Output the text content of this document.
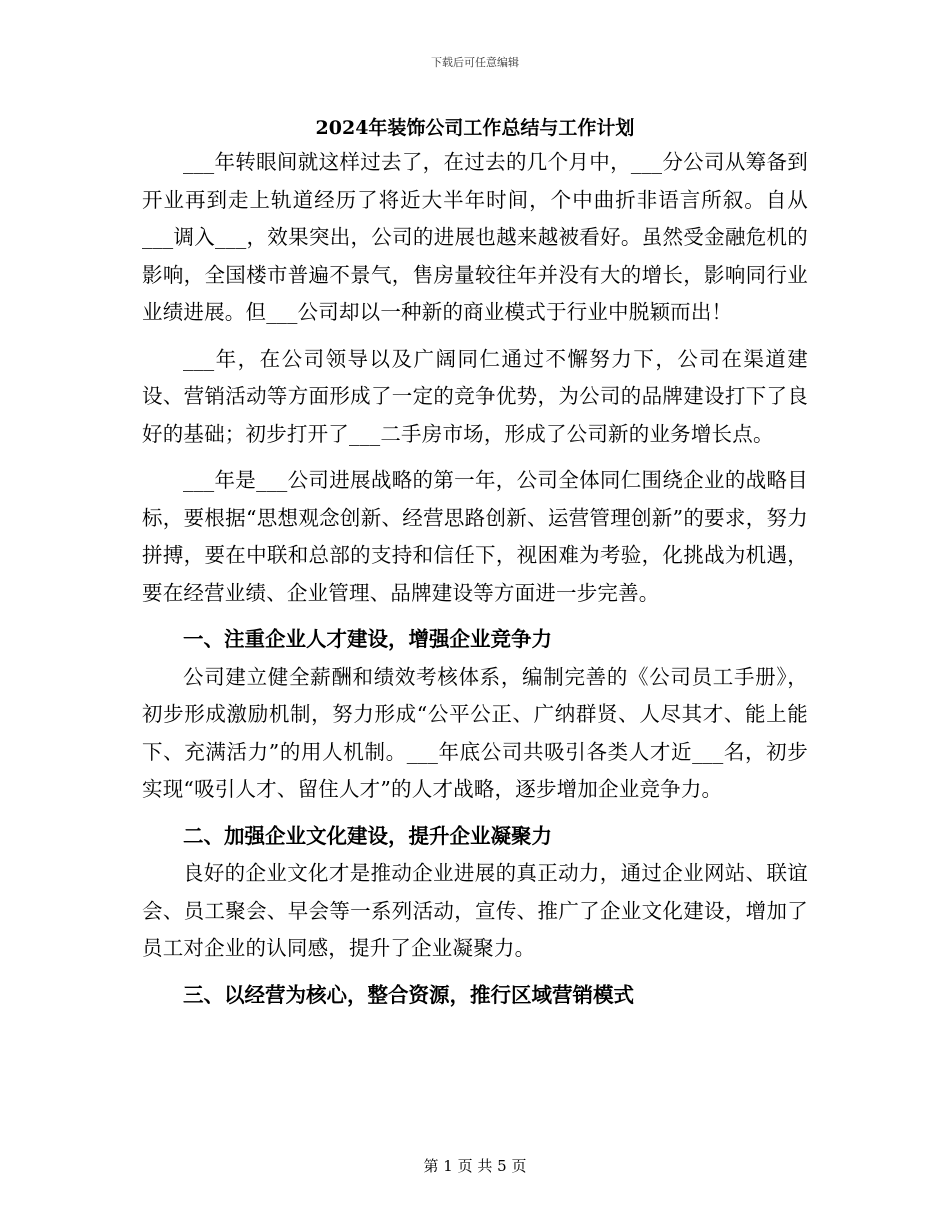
下载后可任意编辑
2024年装饰公司工作总结与工作计划

___年转眼间就这样过去了，在过去的几个月中，___分公司从筹备到开业再到走上轨道经历了将近大半年时间，个中曲折非语言所叙。自从___调入___，效果突出，公司的进展也越来越被看好。虽然受金融危机的影响，全国楼市普遍不景气，售房量较往年并没有大的增长，影响同行业业绩进展。但___公司却以一种新的商业模式于行业中脱颖而出！

___年，在公司领导以及广阔同仁通过不懈努力下，公司在渠道建设、营销活动等方面形成了一定的竞争优势，为公司的品牌建设打下了良好的基础；初步打开了___二手房市场，形成了公司新的业务增长点。

___年是___公司进展战略的第一年，公司全体同仁围绕企业的战略目标，要根据“思想观念创新、经营思路创新、运营管理创新”的要求，努力拼搏，要在中联和总部的支持和信任下，视困难为考验，化挑战为机遇，要在经营业绩、企业管理、品牌建设等方面进一步完善。

一、注重企业人才建设，增强企业竞争力

公司建立健全薪酬和绩效考核体系，编制完善的《公司员工手册》，初步形成激励机制，努力形成“公平公正、广纳群贤、人尽其才、能上能下、充满活力”的用人机制。___年底公司共吸引各类人才近___名，初步实现“吸引人才、留住人才”的人才战略，逐步增加企业竞争力。

二、加强企业文化建设，提升企业凝聚力

良好的企业文化才是推动企业进展的真正动力，通过企业网站、联谊会、员工聚会、早会等一系列活动，宣传、推广了企业文化建设，增加了员工对企业的认同感，提升了企业凝聚力。

三、以经营为核心，整合资源，推行区域营销模式
第 1 页 共 5 页
